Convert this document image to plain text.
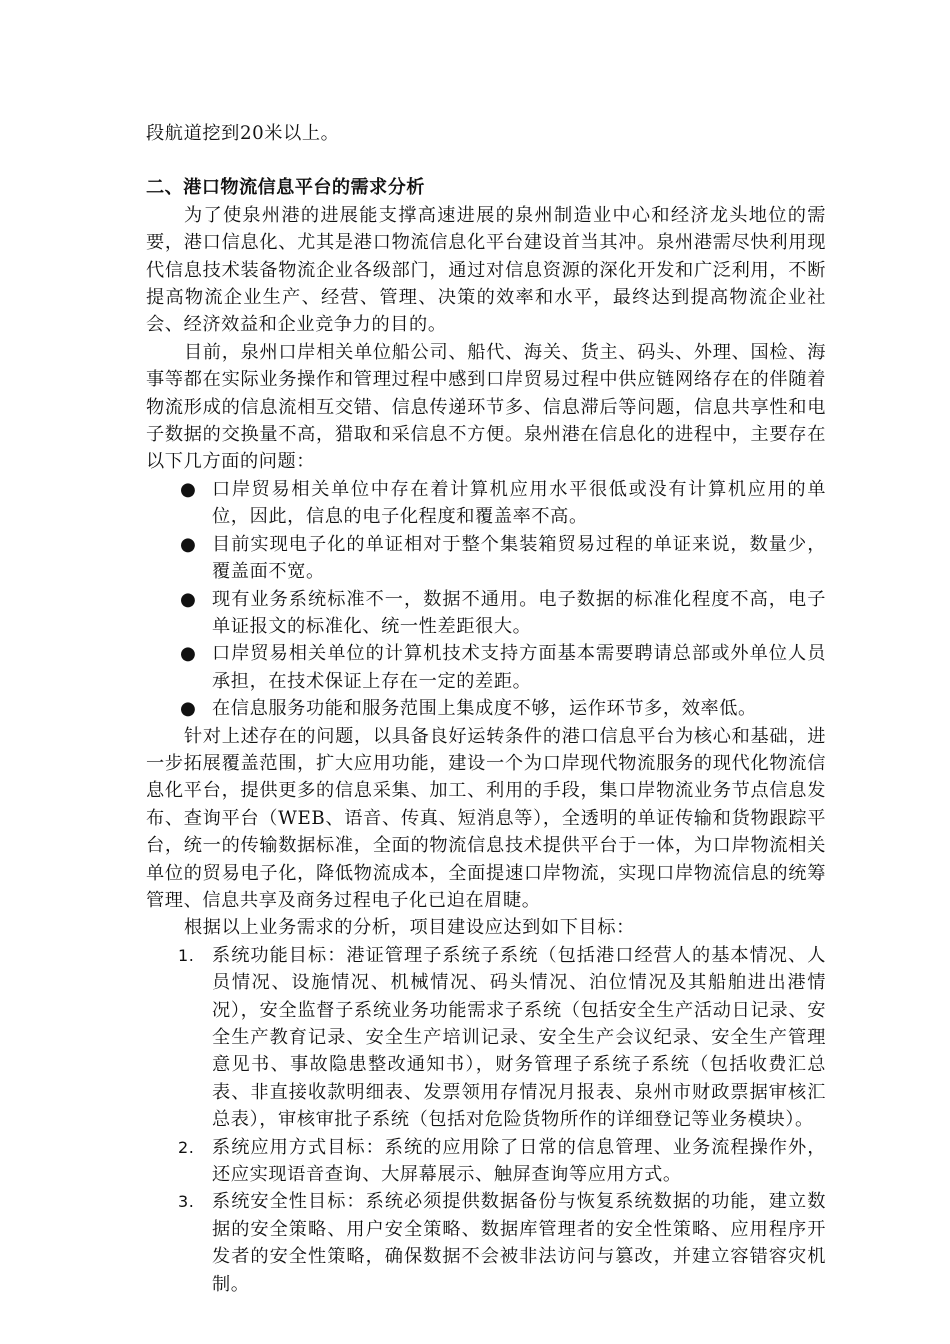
段航道挖到20米以上。

二、港口物流信息平台的需求分析

为了使泉州港的进展能支撑高速进展的泉州制造业中心和经济龙头地位的需要，港口信息化、尤其是港口物流信息化平台建设首当其冲。泉州港需尽快利用现代信息技术装备物流企业各级部门，通过对信息资源的深化开发和广泛利用，不断提高物流企业生产、经营、管理、决策的效率和水平，最终达到提高物流企业社会、经济效益和企业竞争力的目的。

目前，泉州口岸相关单位船公司、船代、海关、货主、码头、外理、国检、海事等都在实际业务操作和管理过程中感到口岸贸易过程中供应链网络存在的伴随着物流形成的信息流相互交错、信息传递环节多、信息滞后等问题，信息共享性和电子数据的交换量不高，猎取和采信息不方便。泉州港在信息化的进程中，主要存在以下几方面的问题：

● 口岸贸易相关单位中存在着计算机应用水平很低或没有计算机应用的单位，因此，信息的电子化程度和覆盖率不高。
● 目前实现电子化的单证相对于整个集装箱贸易过程的单证来说，数量少，覆盖面不宽。
● 现有业务系统标准不一，数据不通用。电子数据的标准化程度不高，电子单证报文的标准化、统一性差距很大。
● 口岸贸易相关单位的计算机技术支持方面基本需要聘请总部或外单位人员承担，在技术保证上存在一定的差距。
● 在信息服务功能和服务范围上集成度不够，运作环节多，效率低。

针对上述存在的问题，以具备良好运转条件的港口信息平台为核心和基础，进一步拓展覆盖范围，扩大应用功能，建设一个为口岸现代物流服务的现代化物流信息化平台，提供更多的信息采集、加工、利用的手段，集口岸物流业务节点信息发布、查询平台（WEB、语音、传真、短消息等），全透明的单证传输和货物跟踪平台，统一的传输数据标准，全面的物流信息技术提供平台于一体，为口岸物流相关单位的贸易电子化，降低物流成本，全面提速口岸物流，实现口岸物流信息的统筹管理、信息共享及商务过程电子化已迫在眉睫。

根据以上业务需求的分析，项目建设应达到如下目标：

1. 系统功能目标：港证管理子系统子系统（包括港口经营人的基本情况、人员情况、设施情况、机械情况、码头情况、泊位情况及其船舶进出港情况），安全监督子系统业务功能需求子系统（包括安全生产活动日记录、安全生产教育记录、安全生产培训记录、安全生产会议纪录、安全生产管理意见书、事故隐患整改通知书），财务管理子系统子系统（包括收费汇总表、非直接收款明细表、发票领用存情况月报表、泉州市财政票据审核汇总表），审核审批子系统（包括对危险货物所作的详细登记等业务模块）。
2. 系统应用方式目标：系统的应用除了日常的信息管理、业务流程操作外，还应实现语音查询、大屏幕展示、触屏查询等应用方式。
3. 系统安全性目标：系统必须提供数据备份与恢复系统数据的功能，建立数据的安全策略、用户安全策略、数据库管理者的安全性策略、应用程序开发者的安全性策略，确保数据不会被非法访问与篡改，并建立容错容灾机制。
